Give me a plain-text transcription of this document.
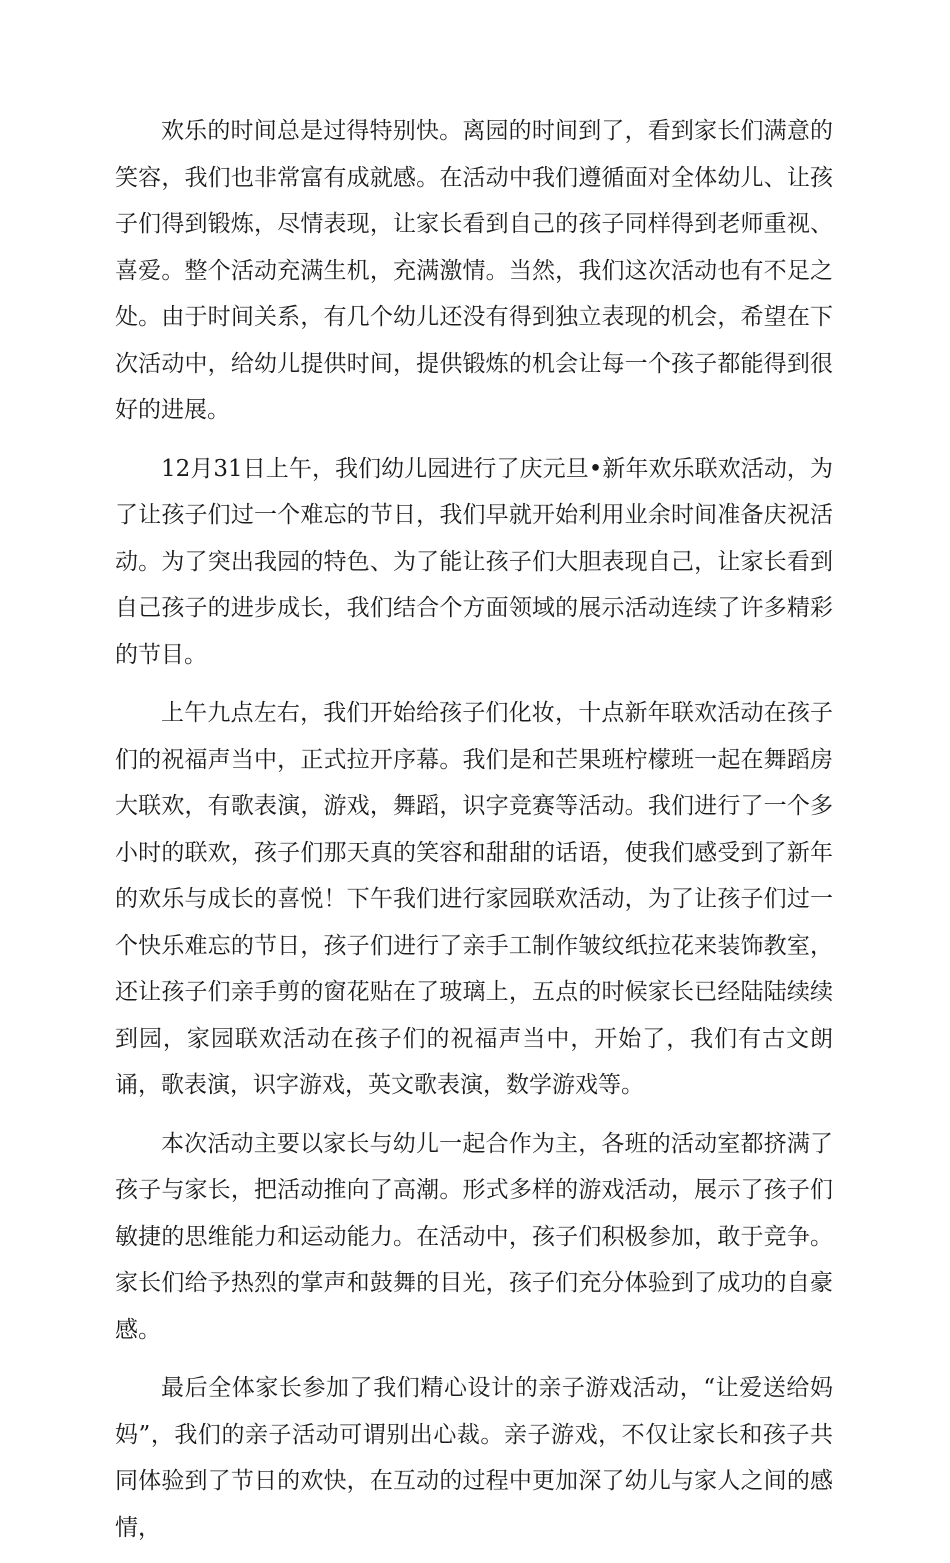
欢乐的时间总是过得特别快。离园的时间到了，看到家长们满意的笑容，我们也非常富有成就感。在活动中我们遵循面对全体幼儿、让孩子们得到锻炼，尽情表现，让家长看到自己的孩子同样得到老师重视、喜爱。整个活动充满生机，充满激情。当然，我们这次活动也有不足之处。由于时间关系，有几个幼儿还没有得到独立表现的机会，希望在下次活动中，给幼儿提供时间，提供锻炼的机会让每一个孩子都能得到很好的进展。

12月31日上午，我们幼儿园进行了庆元旦•新年欢乐联欢活动，为了让孩子们过一个难忘的节日，我们早就开始利用业余时间准备庆祝活动。为了突出我园的特色、为了能让孩子们大胆表现自己，让家长看到自己孩子的进步成长，我们结合个方面领域的展示活动连续了许多精彩的节目。

上午九点左右，我们开始给孩子们化妆，十点新年联欢活动在孩子们的祝福声当中，正式拉开序幕。我们是和芒果班柠檬班一起在舞蹈房大联欢，有歌表演，游戏，舞蹈，识字竞赛等活动。我们进行了一个多小时的联欢，孩子们那天真的笑容和甜甜的话语，使我们感受到了新年的欢乐与成长的喜悦！下午我们进行家园联欢活动，为了让孩子们过一个快乐难忘的节日，孩子们进行了亲手工制作皱纹纸拉花来装饰教室，还让孩子们亲手剪的窗花贴在了玻璃上，五点的时候家长已经陆陆续续到园，家园联欢活动在孩子们的祝福声当中，开始了，我们有古文朗诵，歌表演，识字游戏，英文歌表演，数学游戏等。

本次活动主要以家长与幼儿一起合作为主，各班的活动室都挤满了孩子与家长，把活动推向了高潮。形式多样的游戏活动，展示了孩子们敏捷的思维能力和运动能力。在活动中，孩子们积极参加，敢于竞争。家长们给予热烈的掌声和鼓舞的目光，孩子们充分体验到了成功的自豪感。

最后全体家长参加了我们精心设计的亲子游戏活动，“让爱送给妈妈”，我们的亲子活动可谓别出心裁。亲子游戏，不仅让家长和孩子共同体验到了节日的欢快，在互动的过程中更加深了幼儿与家人之间的感情，
